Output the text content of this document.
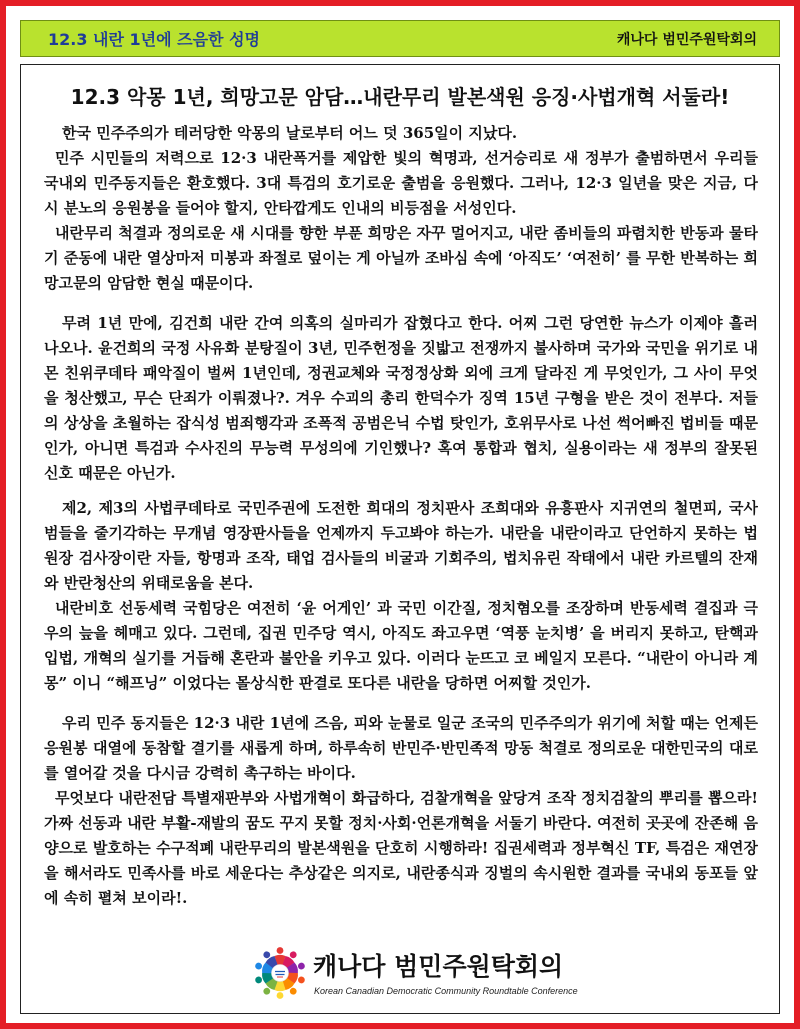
12.3 내란 1년에 즈음한 성명	캐나다 범민주원탁회의
12.3 악몽 1년, 희망고문 암담…내란무리 발본색원 응징·사법개혁 서둘라!

한국 민주주의가 테러당한 악몽의 날로부터 어느 덧 365일이 지났다.

민주 시민들의 저력으로 12·3 내란폭거를 제압한 빛의 혁명과, 선거승리로 새 정부가 출범하면서 우리들 국내외 민주동지들은 환호했다. 3대 특검의 호기로운 출범을 응원했다. 그러나, 12·3 일년을 맞은 지금, 다시 분노의 응원봉을 들어야 할지, 안타깝게도 인내의 비등점을 서성인다.

내란무리 척결과 정의로운 새 시대를 향한 부푼 희망은 자꾸 멀어지고, 내란 좀비들의 파렴치한 반동과 물타기 준동에 내란 열상마저 미봉과 좌절로 덮이는 게 아닐까 조바심 속에 ‘아직도’ ‘여전히’ 를 무한 반복하는 희망고문의 암담한 현실 때문이다.

무려 1년 만에, 김건희 내란 간여 의혹의 실마리가 잡혔다고 한다. 어찌 그런 당연한 뉴스가 이제야 흘러 나오나. 윤건희의 국정 사유화 분탕질이 3년, 민주헌정을 짓밟고 전쟁까지 불사하며 국가와 국민을 위기로 내몬 친위쿠데타 패악질이 벌써 1년인데, 정권교체와 국정정상화 외에 크게 달라진 게 무엇인가, 그 사이 무엇을 청산했고, 무슨 단죄가 이뤄졌나?. 겨우 수괴의 총리 한덕수가 징역 15년 구형을 받은 것이 전부다. 저들의 상상을 초월하는 잡식성 범죄행각과 조폭적 공범은닉 수법 탓인가, 호위무사로 나선 썩어빠진 법비들 때문인가, 아니면 특검과 수사진의 무능력 무성의에 기인했나? 혹여 통합과 협치, 실용이라는 새 정부의 잘못된 신호 때문은 아닌가.

제2, 제3의 사법쿠데타로 국민주권에 도전한 희대의 정치판사 조희대와 유흥판사 지귀연의 철면피, 국사범들을 줄기각하는 무개념 영장판사들을 언제까지 두고봐야 하는가. 내란을 내란이라고 단언하지 못하는 법원장 검사장이란 자들, 항명과 조작, 태업 검사들의 비굴과 기회주의, 법치유린 작태에서 내란 카르텔의 잔재와 반란청산의 위태로움을 본다.

내란비호 선동세력 국힘당은 여전히 ‘윤 어게인’ 과 국민 이간질, 정치혐오를 조장하며 반동세력 결집과 극우의 늪을 헤매고 있다. 그런데, 집권 민주당 역시, 아직도 좌고우면 ‘역풍 눈치병’ 을 버리지 못하고, 탄핵과 입법, 개혁의 실기를 거듭해 혼란과 불안을 키우고 있다. 이러다 눈뜨고 코 베일지 모른다. “내란이 아니라 계몽” 이니 “해프닝” 이었다는 몰상식한 판결로 또다른 내란을 당하면 어찌할 것인가.

우리 민주 동지들은 12·3 내란 1년에 즈음, 피와 눈물로 일군 조국의 민주주의가 위기에 처할 때는 언제든 응원봉 대열에 동참할 결기를 새롭게 하며, 하루속히 반민주·반민족적 망동 척결로 정의로운 대한민국의 대로를 열어갈 것을 다시금 강력히 촉구하는 바이다.

무엇보다 내란전담 특별재판부와 사법개혁이 화급하다, 검찰개혁을 앞당겨 조작 정치검찰의 뿌리를 뽑으라! 가짜 선동과 내란 부활-재발의 꿈도 꾸지 못할 정치·사회·언론개혁을 서둘기 바란다. 여전히 곳곳에 잔존해 음양으로 발호하는 수구적폐 내란무리의 발본색원을 단호히 시행하라! 집권세력과 정부혁신 TF, 특검은 재연장을 해서라도 민족사를 바로 세운다는 추상같은 의지로, 내란종식과 징벌의 속시원한 결과를 국내외 동포들 앞에 속히 펼쳐 보이라!.

캐나다 범민주원탁회의
Korean Canadian Democratic Community Roundtable Conference
